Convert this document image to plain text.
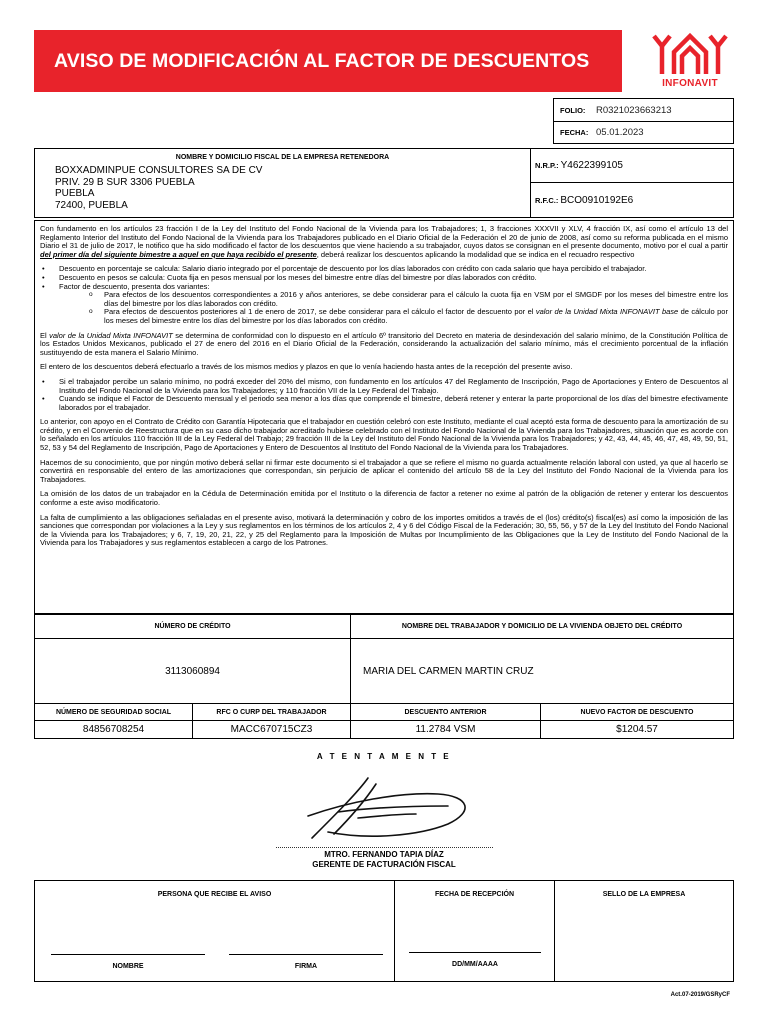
AVISO DE MODIFICACIÓN AL FACTOR DE DESCUENTOS
INFONAVIT
FOLIO:	R0321023663213
FECHA: 05.01.2023
NOMBRE Y DOMICILIO FISCAL DE LA EMPRESA RETENEDORA
BOXXADMINPUE CONSULTORES SA DE CV
PRIV. 29 B SUR 3306 PUEBLA
PUEBLA
72400, PUEBLA
N.R.P.: Y4622399105
R.F.C.: BCO0910192E6

Con fundamento en los artículos 23 fracción I de la Ley del Instituto del Fondo Nacional de la Vivienda para los Trabajadores; 1, 3 fracciones XXXVII y XLV, 4 fracción IX, así como el artículo 13 del Reglamento Interior del Instituto del Fondo Nacional de la Vivienda para los Trabajadores publicado en el Diario Oficial de la Federación el 20 de junio de 2008, así como su reforma publicada en el mismo Diario el 31 de julio de 2017, le notifico que ha sido modificado el factor de los descuentos que viene haciendo a su trabajador, cuyos datos se consignan en el presente documento, motivo por el cual a partir del primer día del siguiente bimestre a aquel en que haya recibido el presente, deberá realizar los descuentos aplicando la modalidad que se indica en el recuadro respectivo

• Descuento en porcentaje se calcula: Salario diario integrado por el porcentaje de descuento por los días laborados con crédito con cada salario que haya percibido el trabajador.
• Descuento en pesos se calcula: Cuota fija en pesos mensual por los meses del bimestre entre días del bimestre por días laborados con crédito.
• Factor de descuento, presenta dos variantes:
o Para efectos de los descuentos correspondientes a 2016 y años anteriores, se debe considerar para el cálculo la cuota fija en VSM por el SMGDF por los meses del bimestre entre los días del bimestre por los días laborados con crédito.
o Para efectos de descuentos posteriores al 1 de enero de 2017, se debe considerar para el cálculo el factor de descuento por el valor de la Unidad Mixta INFONAVIT base de cálculo por los meses del bimestre entre los días del bimestre por los días laborados con crédito.

El valor de la Unidad Mixta INFONAVIT se determina de conformidad con lo dispuesto en el artículo 6º transitorio del Decreto en materia de desindexación del salario mínimo, de la Constitución Política de los Estados Unidos Mexicanos, publicado el 27 de enero del 2016 en el Diario Oficial de la Federación, considerando la actualización del salario mínimo, más el crecimiento porcentual de la inflación sustituyendo de esta manera el Salario Mínimo.

El entero de los descuentos deberá efectuarlo a través de los mismos medios y plazos en que lo venía haciendo hasta antes de la recepción del presente aviso.

• Si el trabajador percibe un salario mínimo, no podrá exceder del 20% del mismo, con fundamento en los artículos 47 del Reglamento de Inscripción, Pago de Aportaciones y Entero de Descuentos al Instituto del Fondo Nacional de la Vivienda para los Trabajadores; y 110 fracción VII de la Ley Federal del Trabajo.
• Cuando se indique el Factor de Descuento mensual y el periodo sea menor a los días que comprende el bimestre, deberá retener y enterar la parte proporcional de los días del bimestre efectivamente laborados por el trabajador.

Lo anterior, con apoyo en el Contrato de Crédito con Garantía Hipotecaria que el trabajador en cuestión celebró con este Instituto, mediante el cual aceptó esta forma de descuento para la amortización de su crédito, y en el Convenio de Reestructura que en su caso dicho trabajador acreditado hubiese celebrado con el Instituto del Fondo Nacional de la Vivienda para los Trabajadores, situación que es acorde con lo señalado en los artículos 110 fracción III de la Ley Federal del Trabajo; 29 fracción III de la Ley del Instituto del Fondo Nacional de la Vivienda para los Trabajadores; y 42, 43, 44, 45, 46, 47, 48, 49, 50, 51, 52, 53 y 54 del Reglamento de Inscripción, Pago de Aportaciones y Entero de Descuentos al Instituto del Fondo Nacional de la Vivienda para los Trabajadores.

Hacemos de su conocimiento, que por ningún motivo deberá sellar ni firmar este documento si el trabajador a que se refiere el mismo no guarda actualmente relación laboral con usted, ya que al hacerlo se convertirá en responsable del entero de las amortizaciones que correspondan, sin perjuicio de aplicar el contenido del artículo 58 de la Ley del Instituto del Fondo Nacional de la Vivienda para los Trabajadores.

La omisión de los datos de un trabajador en la Cédula de Determinación emitida por el Instituto o la diferencia de factor a retener no exime al patrón de la obligación de retener y enterar los descuentos conforme a este aviso modificatorio.

La falta de cumplimiento a las obligaciones señaladas en el presente aviso, motivará la determinación y cobro de los importes omitidos a través de el (los) crédito(s) fiscal(es) así como la imposición de las sanciones que correspondan por violaciones a la Ley y sus reglamentos en los términos de los artículos 2, 4 y 6 del Código Fiscal de la Federación; 30, 55, 56, y 57 de la Ley del Instituto del Fondo Nacional de la Vivienda para los Trabajadores; y 6, 7, 19, 20, 21, 22, y 25 del Reglamento para la Imposición de Multas por Incumplimiento de las Obligaciones que la Ley de Instituto del Fondo Nacional de la Vivienda para los Trabajadores y sus reglamentos establecen a cargo de los Patrones.

NÚMERO DE CRÉDITO	NOMBRE DEL TRABAJADOR Y DOMICILIO DE LA VIVIENDA OBJETO DEL CRÉDITO
3113060894	MARIA DEL CARMEN MARTIN CRUZ
NÚMERO DE SEGURIDAD SOCIAL	RFC O CURP DEL TRABAJADOR	DESCUENTO ANTERIOR	NUEVO FACTOR DE DESCUENTO
84856708254	MACC670715CZ3	11.2784 VSM	$1204.57
A T E N T A M E N T E
MTRO. FERNANDO TAPIA DÍAZ
GERENTE DE FACTURACIÓN FISCAL
PERSONA QUE RECIBE EL AVISO
NOMBRE	FIRMA
FECHA DE RECEPCIÓN
DD/MM/AAAA
SELLO DE LA EMPRESA
Act.07-2019/GSRyCF
